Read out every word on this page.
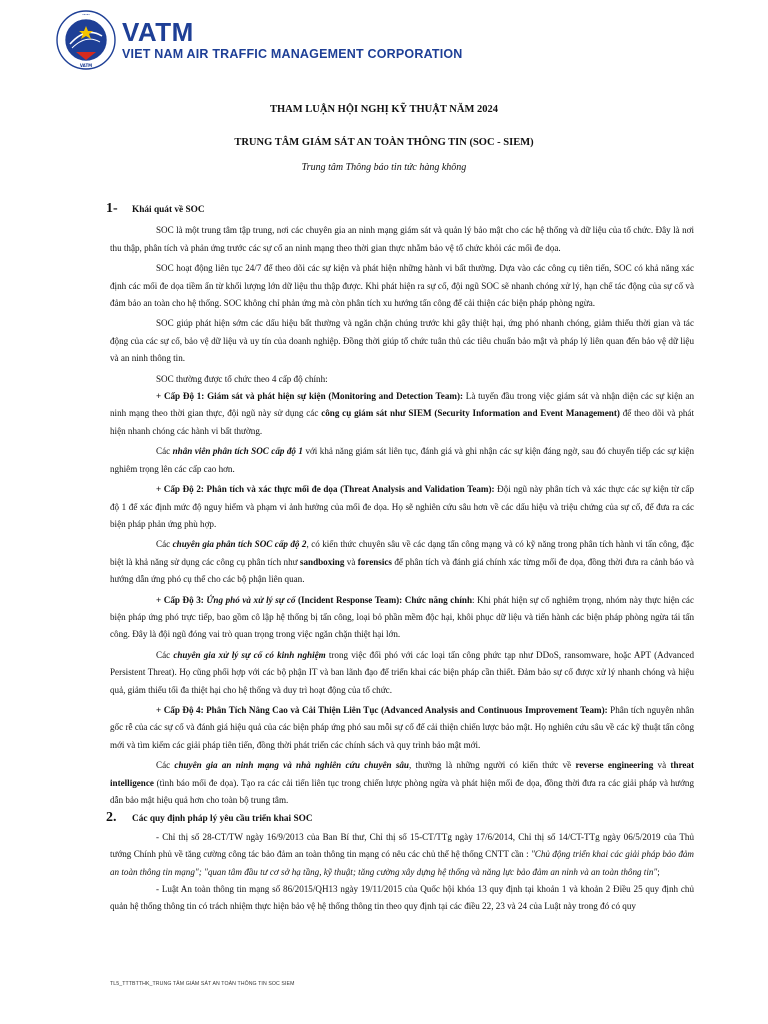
·····
VATM
VATM
VIET NAM AIR TRAFFIC MANAGEMENT CORPORATION
THAM LUẬN HỘI NGHỊ KỸ THUẬT NĂM 2024
TRUNG TÂM GIÁM SÁT AN TOÀN THÔNG TIN (SOC - SIEM)
Trung tâm Thông báo tin tức hàng không
1-	Khái quát về SOC

SOC là một trung tâm tập trung, nơi các chuyên gia an ninh mạng giám sát và quản lý bảo mật cho các hệ thống và dữ liệu của tổ chức. Đây là nơi thu thập, phân tích và phản ứng trước các sự cố an ninh mạng theo thời gian thực nhằm bảo vệ tổ chức khỏi các mối đe dọa.

SOC hoạt động liên tục 24/7 để theo dõi các sự kiện và phát hiện những hành vi bất thường. Dựa vào các công cụ tiên tiến, SOC có khả năng xác định các mối đe dọa tiềm ẩn từ khối lượng lớn dữ liệu thu thập được. Khi phát hiện ra sự cố, đội ngũ SOC sẽ nhanh chóng xử lý, hạn chế tác động của sự cố và đảm bảo an toàn cho hệ thống. SOC không chỉ phản ứng mà còn phân tích xu hướng tấn công để cải thiện các biện pháp phòng ngừa.

SOC giúp phát hiện sớm các dấu hiệu bất thường và ngăn chặn chúng trước khi gây thiệt hại, ứng phó nhanh chóng, giảm thiểu thời gian và tác động của các sự cố, bảo vệ dữ liệu và uy tín của doanh nghiệp. Đồng thời giúp tổ chức tuân thủ các tiêu chuẩn bảo mật và pháp lý liên quan đến bảo vệ dữ liệu và an ninh thông tin.

SOC thường được tổ chức theo 4 cấp độ chính:

+ Cấp Độ 1: Giám sát và phát hiện sự kiện (Monitoring and Detection Team): Là tuyến đầu trong việc giám sát và nhận diện các sự kiện an ninh mạng theo thời gian thực, đội ngũ này sử dụng các công cụ giám sát như SIEM (Security Information and Event Management) để theo dõi và phát hiện nhanh chóng các hành vi bất thường.

Các nhân viên phân tích SOC cấp độ 1 với khả năng giám sát liên tục, đánh giá và ghi nhận các sự kiện đáng ngờ, sau đó chuyển tiếp các sự kiện nghiêm trọng lên các cấp cao hơn.

+ Cấp Độ 2: Phân tích và xác thực mối đe dọa (Threat Analysis and Validation Team): Đội ngũ này phân tích và xác thực các sự kiện từ cấp độ 1 để xác định mức độ nguy hiểm và phạm vi ảnh hưởng của mối đe dọa. Họ sẽ nghiên cứu sâu hơn về các dấu hiệu và triệu chứng của sự cố, để đưa ra các biện pháp phản ứng phù hợp.

Các chuyên gia phân tích SOC cấp độ 2, có kiến thức chuyên sâu về các dạng tấn công mạng và có kỹ năng trong phân tích hành vi tấn công, đặc biệt là khả năng sử dụng các công cụ phân tích như sandboxing và forensics để phân tích và đánh giá chính xác từng mối đe dọa, đồng thời đưa ra cảnh báo và hướng dẫn ứng phó cụ thể cho các bộ phận liên quan.

+ Cấp Độ 3: Ứng phó và xử lý sự cố (Incident Response Team): Chức năng chính: Khi phát hiện sự cố nghiêm trọng, nhóm này thực hiện các biện pháp ứng phó trực tiếp, bao gồm cô lập hệ thống bị tấn công, loại bỏ phần mềm độc hại, khôi phục dữ liệu và tiến hành các biện pháp phòng ngừa tái tấn công. Đây là đội ngũ đóng vai trò quan trọng trong việc ngăn chặn thiệt hại lớn.

Các chuyên gia xử lý sự cố có kinh nghiệm trong việc đối phó với các loại tấn công phức tạp như DDoS, ransomware, hoặc APT (Advanced Persistent Threat). Họ cũng phối hợp với các bộ phận IT và ban lãnh đạo để triển khai các biện pháp cần thiết. Đảm bảo sự cố được xử lý nhanh chóng và hiệu quả, giảm thiểu tối đa thiệt hại cho hệ thống và duy trì hoạt động của tổ chức.

+ Cấp Độ 4: Phân Tích Nâng Cao và Cải Thiện Liên Tục (Advanced Analysis and Continuous Improvement Team): Phân tích nguyên nhân gốc rễ của các sự cố và đánh giá hiệu quả của các biện pháp ứng phó sau mỗi sự cố để cải thiện chiến lược bảo mật. Họ nghiên cứu sâu về các kỹ thuật tấn công mới và tìm kiếm các giải pháp tiên tiến, đồng thời phát triển các chính sách và quy trình bảo mật mới.

Các chuyên gia an ninh mạng và nhà nghiên cứu chuyên sâu, thường là những người có kiến thức về reverse engineering và threat intelligence (tình báo mối đe dọa). Tạo ra các cải tiến liên tục trong chiến lược phòng ngừa và phát hiện mối đe dọa, đồng thời đưa ra các giải pháp và hướng dẫn bảo mật hiệu quả hơn cho toàn bộ trung tâm.

2.	Các quy định pháp lý yêu cầu triển khai SOC

- Chỉ thị số 28-CT/TW ngày 16/9/2013 của Ban Bí thư, Chỉ thị số 15-CT/TTg ngày 17/6/2014, Chỉ thị số 14/CT-TTg ngày 06/5/2019 của Thủ tướng Chính phủ về tăng cường công tác bảo đảm an toàn thông tin mạng có nêu các chủ thể hệ thống CNTT cần : "Chủ động triển khai các giải pháp bảo đảm an toàn thông tin mạng"; "quan tâm đầu tư cơ sở hạ tầng, kỹ thuật; tăng cường xây dựng hệ thống và năng lực bảo đảm an ninh và an toàn thông tin";

- Luật An toàn thông tin mạng số 86/2015/QH13 ngày 19/11/2015 của Quốc hội khóa 13 quy định tại khoản 1 và khoản 2 Điều 25 quy định chủ quản hệ thống thông tin có trách nhiệm thực hiện bảo vệ hệ thống thông tin theo quy định tại các điều 22, 23 và 24 của Luật này trong đó có quy

TL5_TTTBTTHK_TRUNG TÂM GIÁM SÁT AN TOÀN THÔNG TIN SOC SIEM
